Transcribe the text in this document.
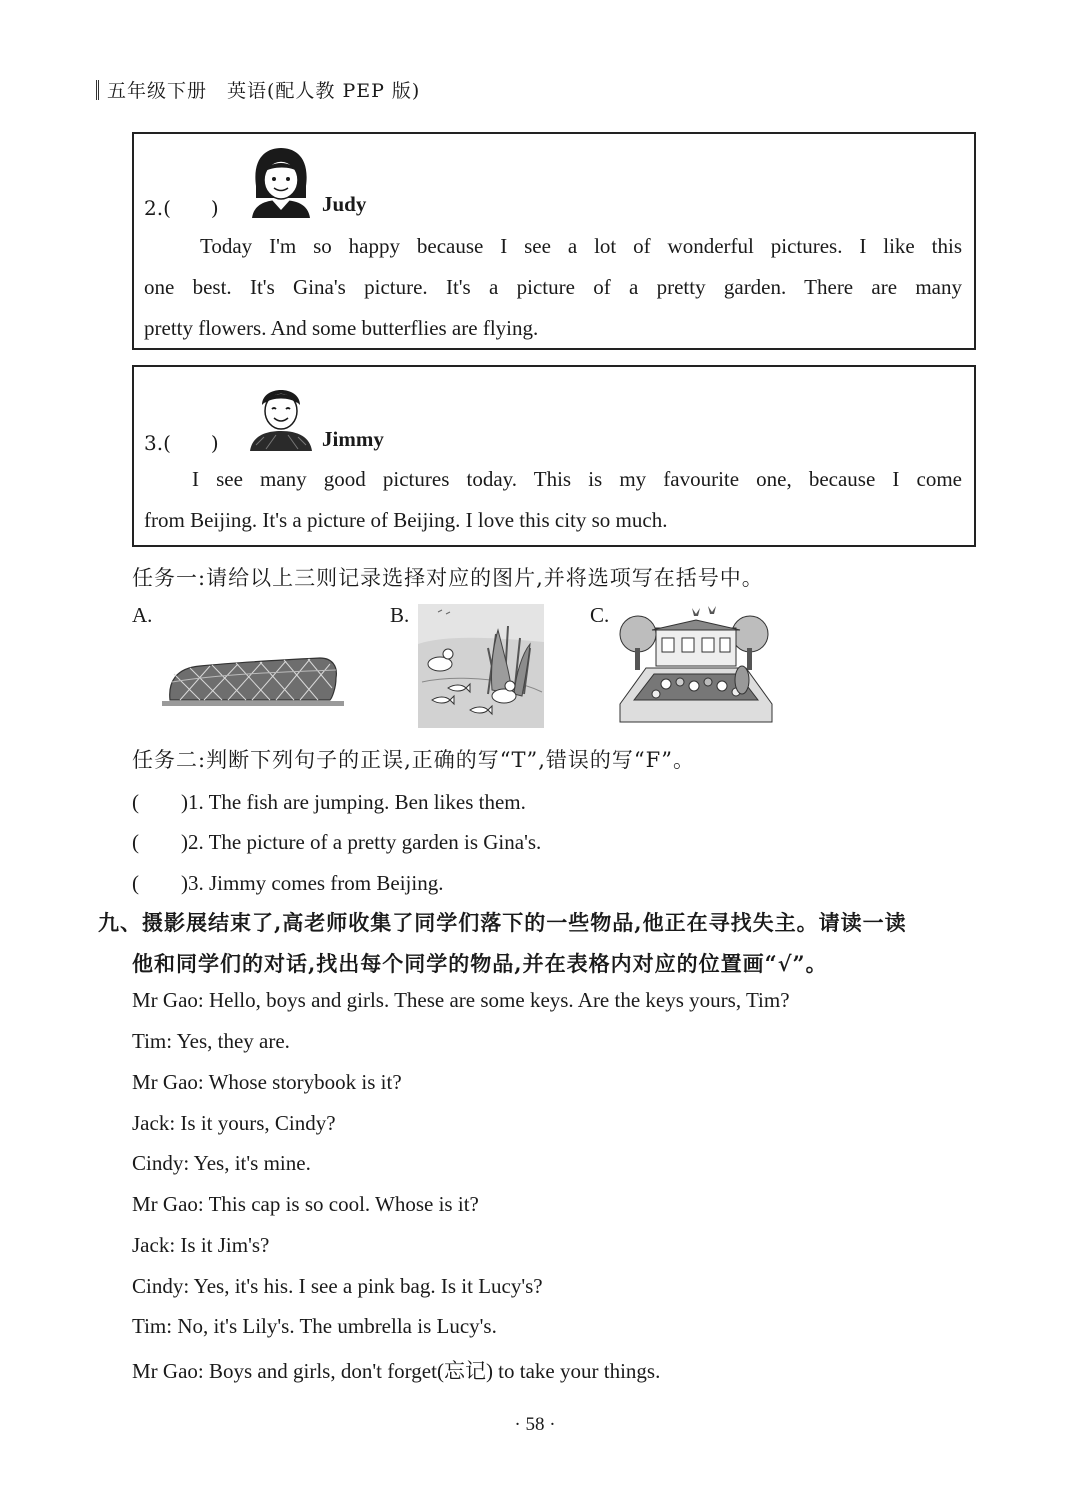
五年级下册　英语(配人教 PEP 版)
2.(　　)	Judy
Today I'm so happy because I see a lot of wonderful pictures. I like this
one best. It's Gina's picture. It's a picture of a pretty garden. There are many
pretty flowers. And some butterflies are flying.
3.(　　)	Jimmy
I see many good pictures today. This is my favourite one, because I come
from Beijing. It's a picture of Beijing. I love this city so much.
任务一:请给以上三则记录选择对应的图片,并将选项写在括号中。
A.	B.	C.
任务二:判断下列句子的正误,正确的写“T”,错误的写“F”。
(　　)1. The fish are jumping. Ben likes them.
(　　)2. The picture of a pretty garden is Gina's.
(　　)3. Jimmy comes from Beijing.
九、摄影展结束了,高老师收集了同学们落下的一些物品,他正在寻找失主。请读一读
他和同学们的对话,找出每个同学的物品,并在表格内对应的位置画“√”。
Mr Gao: Hello, boys and girls. These are some keys. Are the keys yours, Tim?
Tim: Yes, they are.
Mr Gao: Whose storybook is it?
Jack: Is it yours, Cindy?
Cindy: Yes, it's mine.
Mr Gao: This cap is so cool. Whose is it?
Jack: Is it Jim's?
Cindy: Yes, it's his. I see a pink bag. Is it Lucy's?
Tim: No, it's Lily's. The umbrella is Lucy's.
Mr Gao: Boys and girls, don't forget(忘记) to take your things.
· 58 ·
